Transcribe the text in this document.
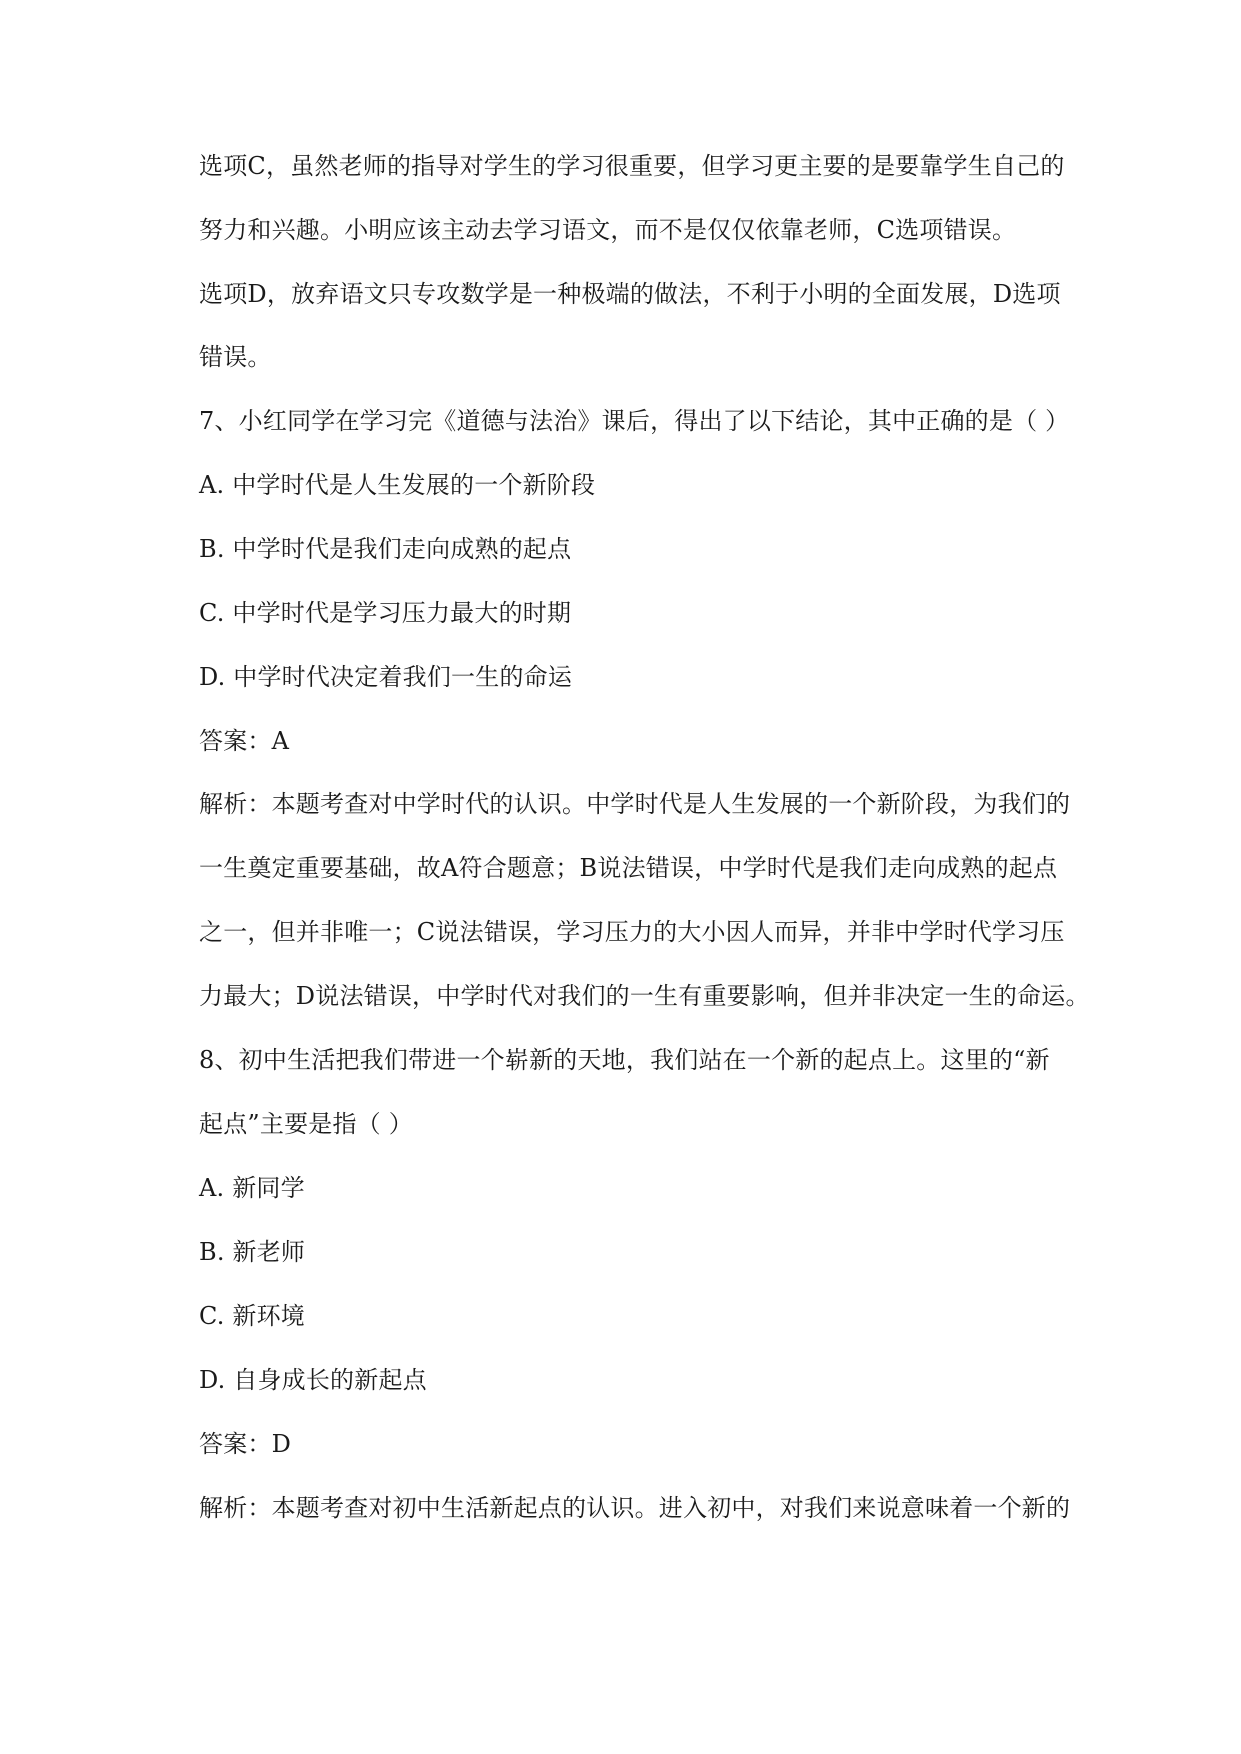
选项C，虽然老师的指导对学生的学习很重要，但学习更主要的是要靠学生自己的
努力和兴趣。小明应该主动去学习语文，而不是仅仅依靠老师，C选项错误。
选项D，放弃语文只专攻数学是一种极端的做法，不利于小明的全面发展，D选项
错误。
7、小红同学在学习完《道德与法治》课后，得出了以下结论，其中正确的是（ ）
A. 中学时代是人生发展的一个新阶段
B. 中学时代是我们走向成熟的起点
C. 中学时代是学习压力最大的时期
D. 中学时代决定着我们一生的命运
答案：A
解析：本题考查对中学时代的认识。中学时代是人生发展的一个新阶段，为我们的
一生奠定重要基础，故A符合题意；B说法错误，中学时代是我们走向成熟的起点
之一，但并非唯一；C说法错误，学习压力的大小因人而异，并非中学时代学习压
力最大；D说法错误，中学时代对我们的一生有重要影响，但并非决定一生的命运。
8、初中生活把我们带进一个崭新的天地，我们站在一个新的起点上。这里的“新
起点”主要是指（ ）
A. 新同学
B. 新老师
C. 新环境
D. 自身成长的新起点
答案：D
解析：本题考查对初中生活新起点的认识。进入初中，对我们来说意味着一个新的
